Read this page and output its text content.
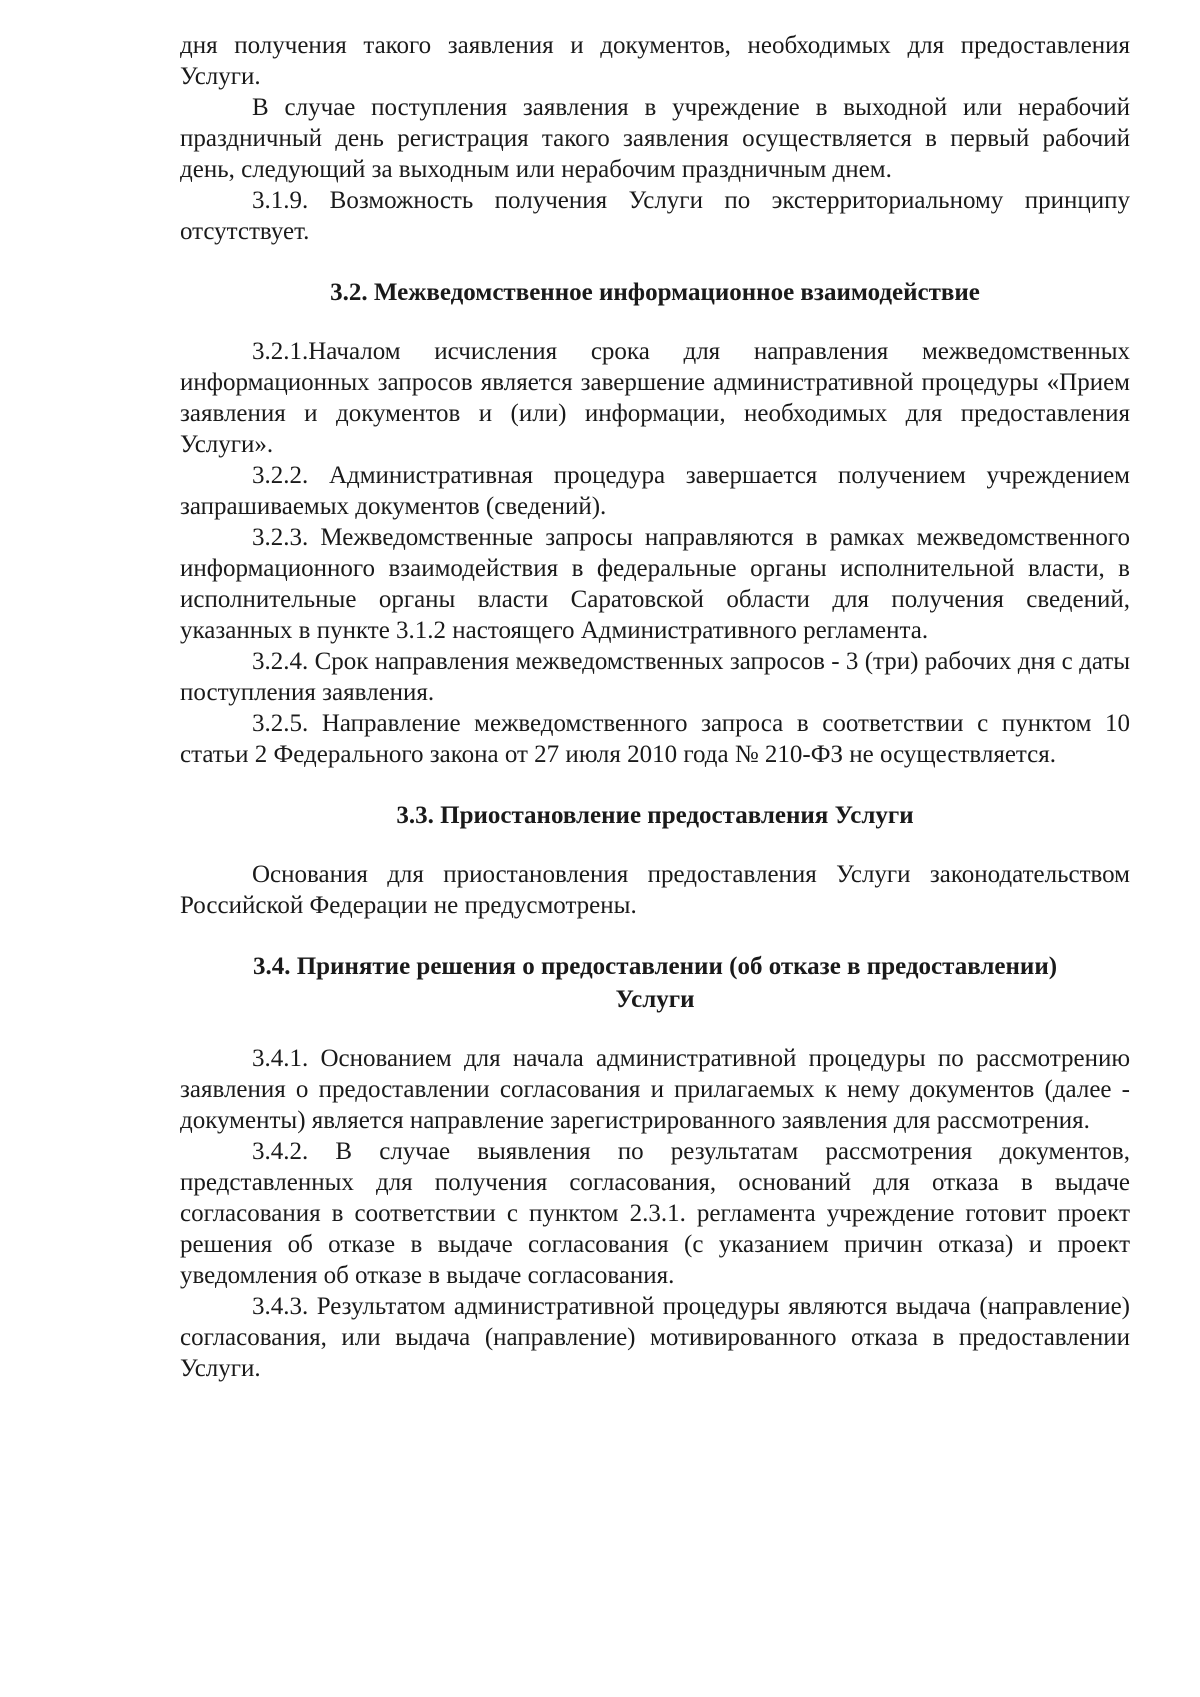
дня получения такого заявления и документов, необходимых для предоставления Услуги.

В случае поступления заявления в учреждение в выходной или нерабочий праздничный день регистрация такого заявления осуществляется в первый рабочий день, следующий за выходным или нерабочим праздничным днем.

3.1.9. Возможность получения Услуги по экстерриториальному принципу отсутствует.

3.2. Межведомственное информационное взаимодействие

3.2.1.Началом исчисления срока для направления межведомственных информационных запросов является завершение административной процедуры «Прием заявления и документов и (или) информации, необходимых для предоставления Услуги».

3.2.2. Административная процедура завершается получением учреждением запрашиваемых документов (сведений).

3.2.3. Межведомственные запросы направляются в рамках межведомственного информационного взаимодействия в федеральные органы исполнительной власти, в исполнительные органы власти Саратовской области для получения сведений, указанных в пункте 3.1.2 настоящего Административного регламента.

3.2.4. Срок направления межведомственных запросов - 3 (три) рабочих дня с даты поступления заявления.

3.2.5. Направление межведомственного запроса в соответствии с пунктом 10 статьи 2 Федерального закона от 27 июля 2010 года № 210-ФЗ не осуществляется.

3.3. Приостановление предоставления Услуги

Основания для приостановления предоставления Услуги законодательством Российской Федерации не предусмотрены.

3.4. Принятие решения о предоставлении (об отказе в предоставлении)
Услуги

3.4.1. Основанием для начала административной процедуры по рассмотрению заявления о предоставлении согласования и прилагаемых к нему документов (далее - документы) является направление зарегистрированного заявления для рассмотрения.

3.4.2. В случае выявления по результатам рассмотрения документов, представленных для получения согласования, оснований для отказа в выдаче согласования в соответствии с пунктом 2.3.1. регламента учреждение готовит проект решения об отказе в выдаче согласования (с указанием причин отказа) и проект уведомления об отказе в выдаче согласования.

3.4.3. Результатом административной процедуры являются выдача (направление) согласования, или выдача (направление) мотивированного отказа в предоставлении Услуги.
